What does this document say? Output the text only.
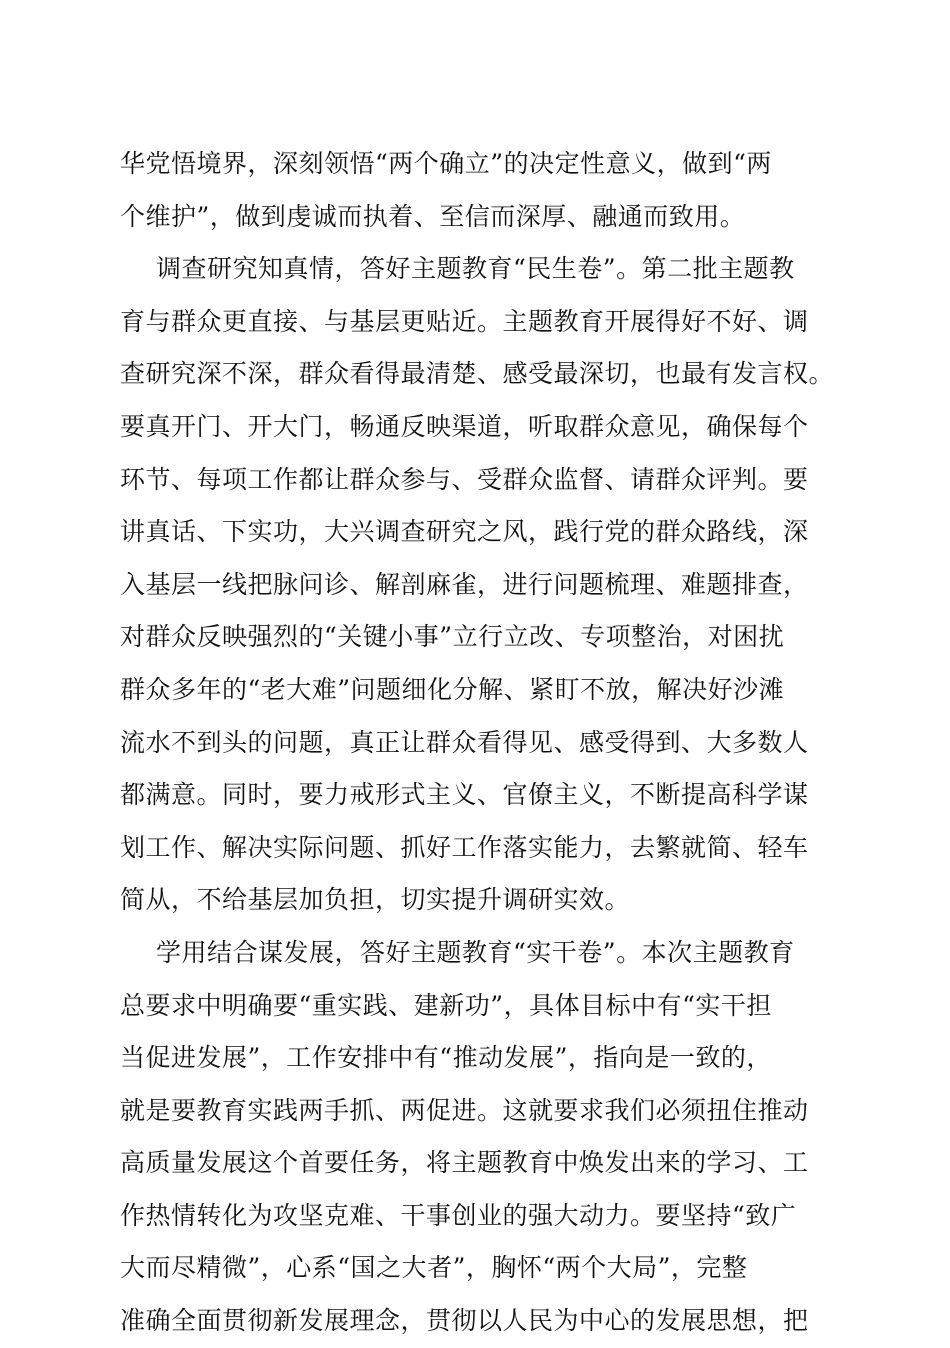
华党悟境界，深刻领悟“两个确立”的决定性意义，做到“两
个维护”，做到虔诚而执着、至信而深厚、融通而致用。
调查研究知真情，答好主题教育“民生卷”。第二批主题教
育与群众更直接、与基层更贴近。主题教育开展得好不好、调
查研究深不深，群众看得最清楚、感受最深切，也最有发言权。
要真开门、开大门，畅通反映渠道，听取群众意见，确保每个
环节、每项工作都让群众参与、受群众监督、请群众评判。要
讲真话、下实功，大兴调查研究之风，践行党的群众路线，深
入基层一线把脉问诊、解剖麻雀，进行问题梳理、难题排查，
对群众反映强烈的“关键小事”立行立改、专项整治，对困扰
群众多年的“老大难”问题细化分解、紧盯不放，解决好沙滩
流水不到头的问题，真正让群众看得见、感受得到、大多数人
都满意。同时，要力戒形式主义、官僚主义，不断提高科学谋
划工作、解决实际问题、抓好工作落实能力，去繁就简、轻车
简从，不给基层加负担，切实提升调研实效。
学用结合谋发展，答好主题教育“实干卷”。本次主题教育
总要求中明确要“重实践、建新功”，具体目标中有“实干担
当促进发展”，工作安排中有“推动发展”，指向是一致的，
就是要教育实践两手抓、两促进。这就要求我们必须扭住推动
高质量发展这个首要任务，将主题教育中焕发出来的学习、工
作热情转化为攻坚克难、干事创业的强大动力。要坚持“致广
大而尽精微”，心系“国之大者”，胸怀“两个大局”，完整
准确全面贯彻新发展理念，贯彻以人民为中心的发展思想，把
